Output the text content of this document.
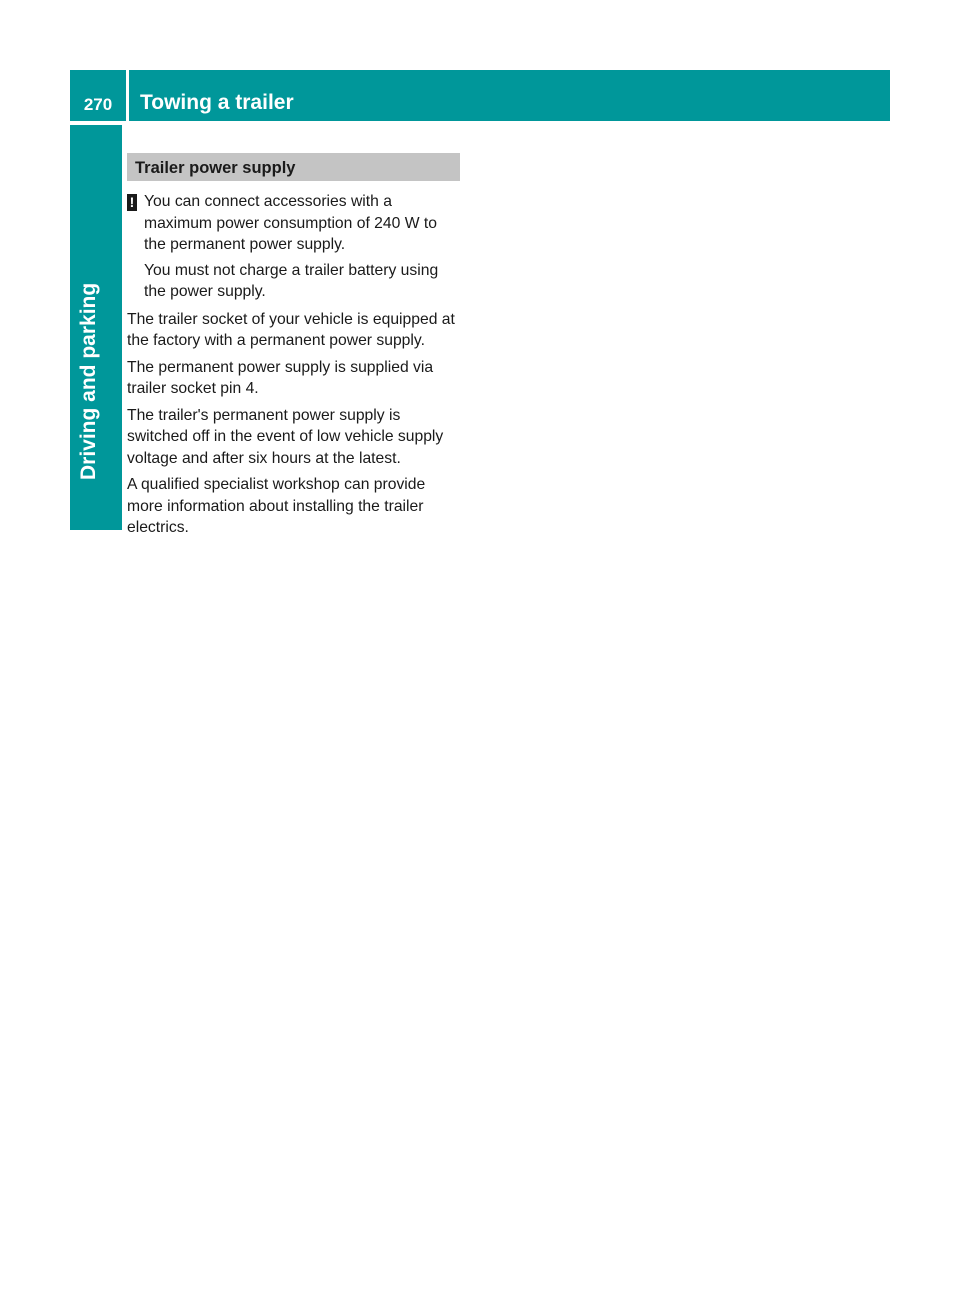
270	Towing a trailer
Driving and parking
Trailer power supply
! You can connect accessories with a maximum power consumption of 240 W to the permanent power supply.

You must not charge a trailer battery using the power supply.

The trailer socket of your vehicle is equipped at the factory with a permanent power supply.

The permanent power supply is supplied via trailer socket pin 4.

The trailer's permanent power supply is switched off in the event of low vehicle supply voltage and after six hours at the latest.

A qualified specialist workshop can provide more information about installing the trailer electrics.
